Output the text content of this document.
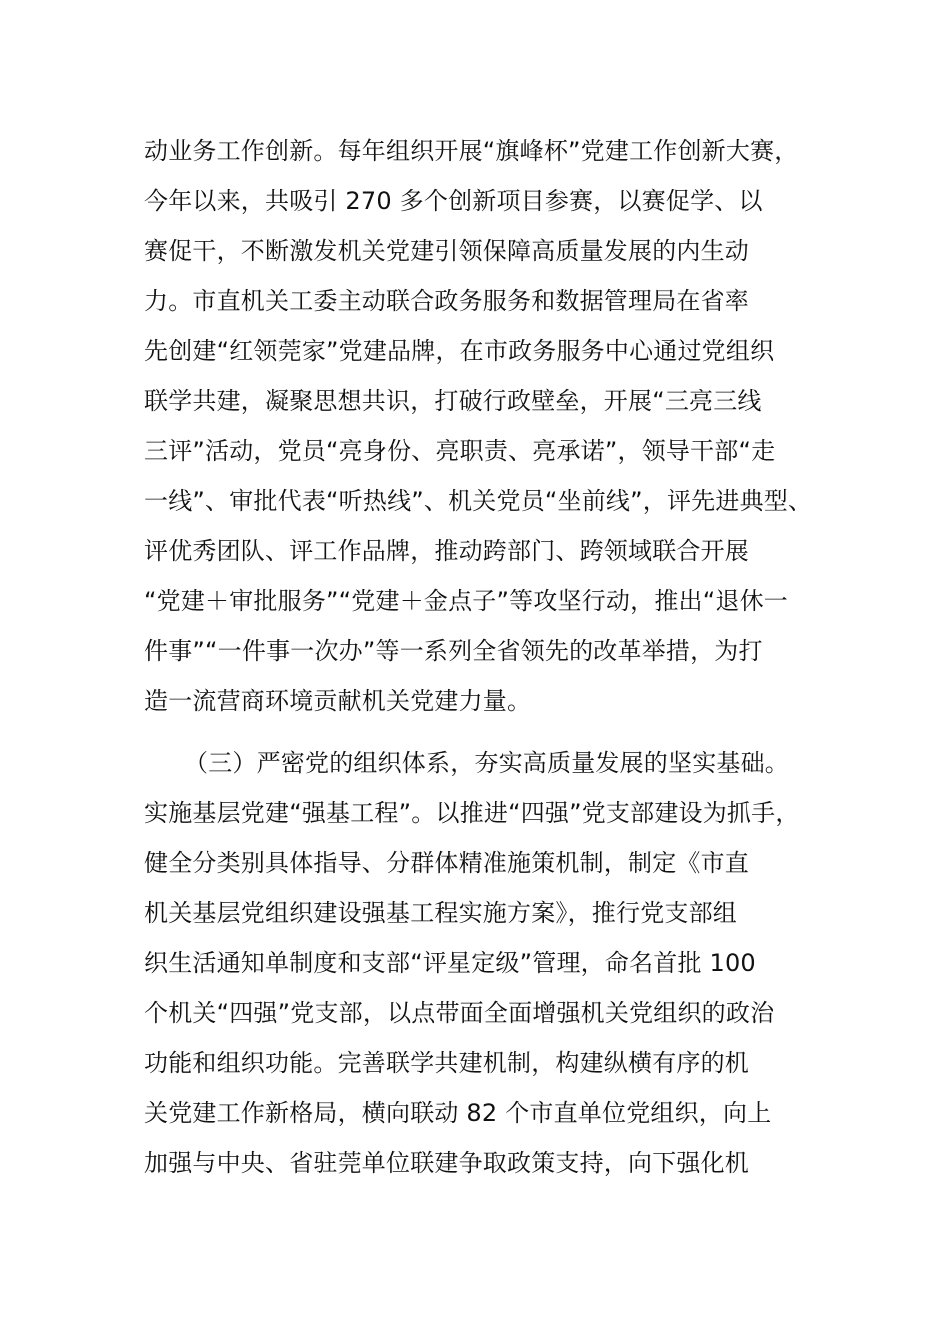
动业务工作创新。每年组织开展“旗峰杯”党建工作创新大赛，
今年以来，共吸引 270 多个创新项目参赛，以赛促学、以
赛促干，不断激发机关党建引领保障高质量发展的内生动
力。市直机关工委主动联合政务服务和数据管理局在省率
先创建“红领莞家”党建品牌，在市政务服务中心通过党组织
联学共建，凝聚思想共识，打破行政壁垒，开展“三亮三线
三评”活动，党员“亮身份、亮职责、亮承诺”，领导干部“走
一线”、审批代表“听热线”、机关党员“坐前线”，评先进典型、
评优秀团队、评工作品牌，推动跨部门、跨领域联合开展
“党建＋审批服务”“党建＋金点子”等攻坚行动，推出“退休一
件事”“一件事一次办”等一系列全省领先的改革举措，为打
造一流营商环境贡献机关党建力量。
（三）严密党的组织体系，夯实高质量发展的坚实基础。
实施基层党建“强基工程”。以推进“四强”党支部建设为抓手，
健全分类别具体指导、分群体精准施策机制，制定《市直
机关基层党组织建设强基工程实施方案》，推行党支部组
织生活通知单制度和支部“评星定级”管理，命名首批 100
个机关“四强”党支部，以点带面全面增强机关党组织的政治
功能和组织功能。完善联学共建机制，构建纵横有序的机
关党建工作新格局，横向联动 82 个市直单位党组织，向上
加强与中央、省驻莞单位联建争取政策支持，向下强化机
